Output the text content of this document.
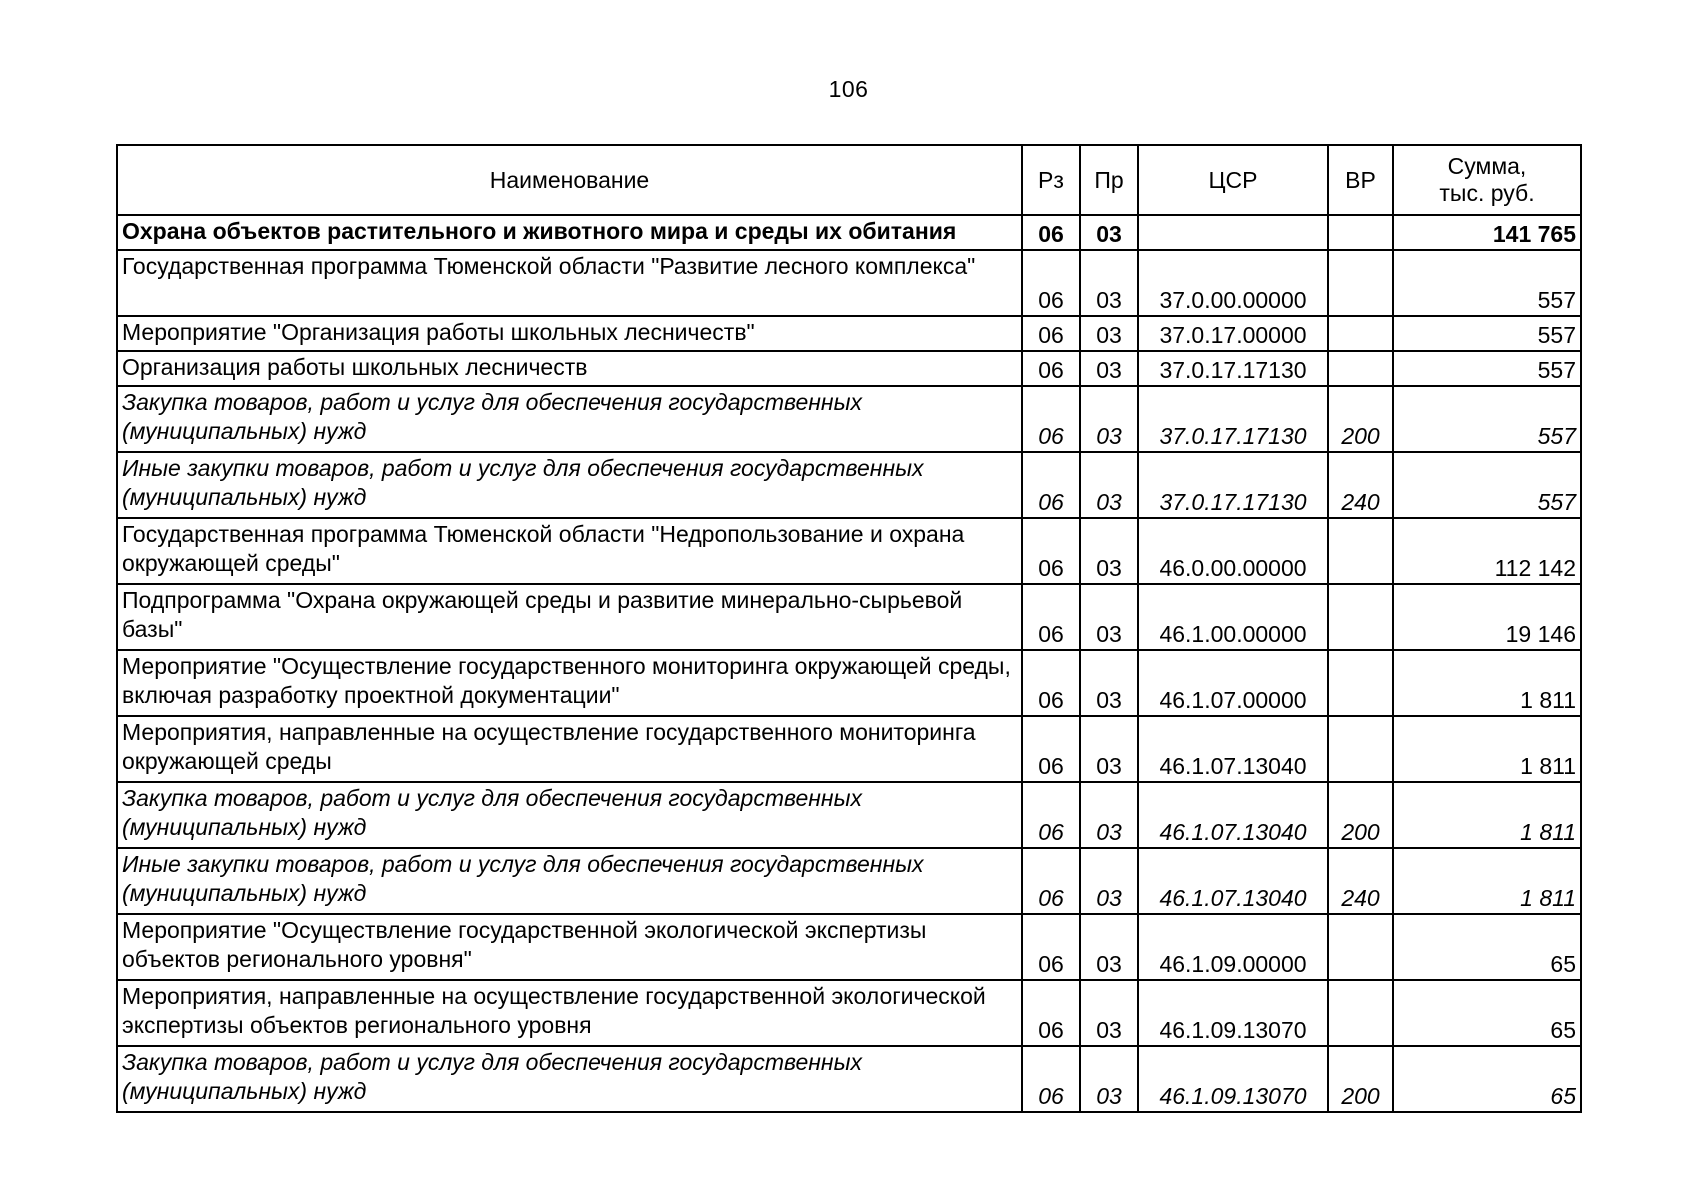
106
Наименование	Рз	Пр	ЦСР	ВР	Сумма,
тыс. руб.
Охрана объектов растительного и животного мира и среды их обитания	06	03			141 765
Государственная программа Тюменской области "Развитие лесного комплекса"	06	03	37.0.00.00000		557
Мероприятие "Организация работы школьных лесничеств"	06	03	37.0.17.00000		557
Организация работы школьных лесничеств	06	03	37.0.17.17130		557
Закупка товаров, работ и услуг для обеспечения государственных (муниципальных) нужд	06	03	37.0.17.17130	200	557
Иные закупки товаров, работ и услуг для обеспечения государственных (муниципальных) нужд	06	03	37.0.17.17130	240	557
Государственная программа Тюменской области "Недропользование и охрана окружающей среды"	06	03	46.0.00.00000		112 142
Подпрограмма "Охрана окружающей среды и развитие минерально-сырьевой базы"	06	03	46.1.00.00000		19 146
Мероприятие "Осуществление государственного мониторинга окружающей среды, включая разработку проектной документации"	06	03	46.1.07.00000		1 811
Мероприятия, направленные на осуществление государственного мониторинга окружающей среды	06	03	46.1.07.13040		1 811
Закупка товаров, работ и услуг для обеспечения государственных (муниципальных) нужд	06	03	46.1.07.13040	200	1 811
Иные закупки товаров, работ и услуг для обеспечения государственных (муниципальных) нужд	06	03	46.1.07.13040	240	1 811
Мероприятие "Осуществление государственной экологической экспертизы объектов регионального уровня"	06	03	46.1.09.00000		65
Мероприятия, направленные на осуществление государственной экологической экспертизы объектов регионального уровня	06	03	46.1.09.13070		65
Закупка товаров, работ и услуг для обеспечения государственных (муниципальных) нужд	06	03	46.1.09.13070	200	65
